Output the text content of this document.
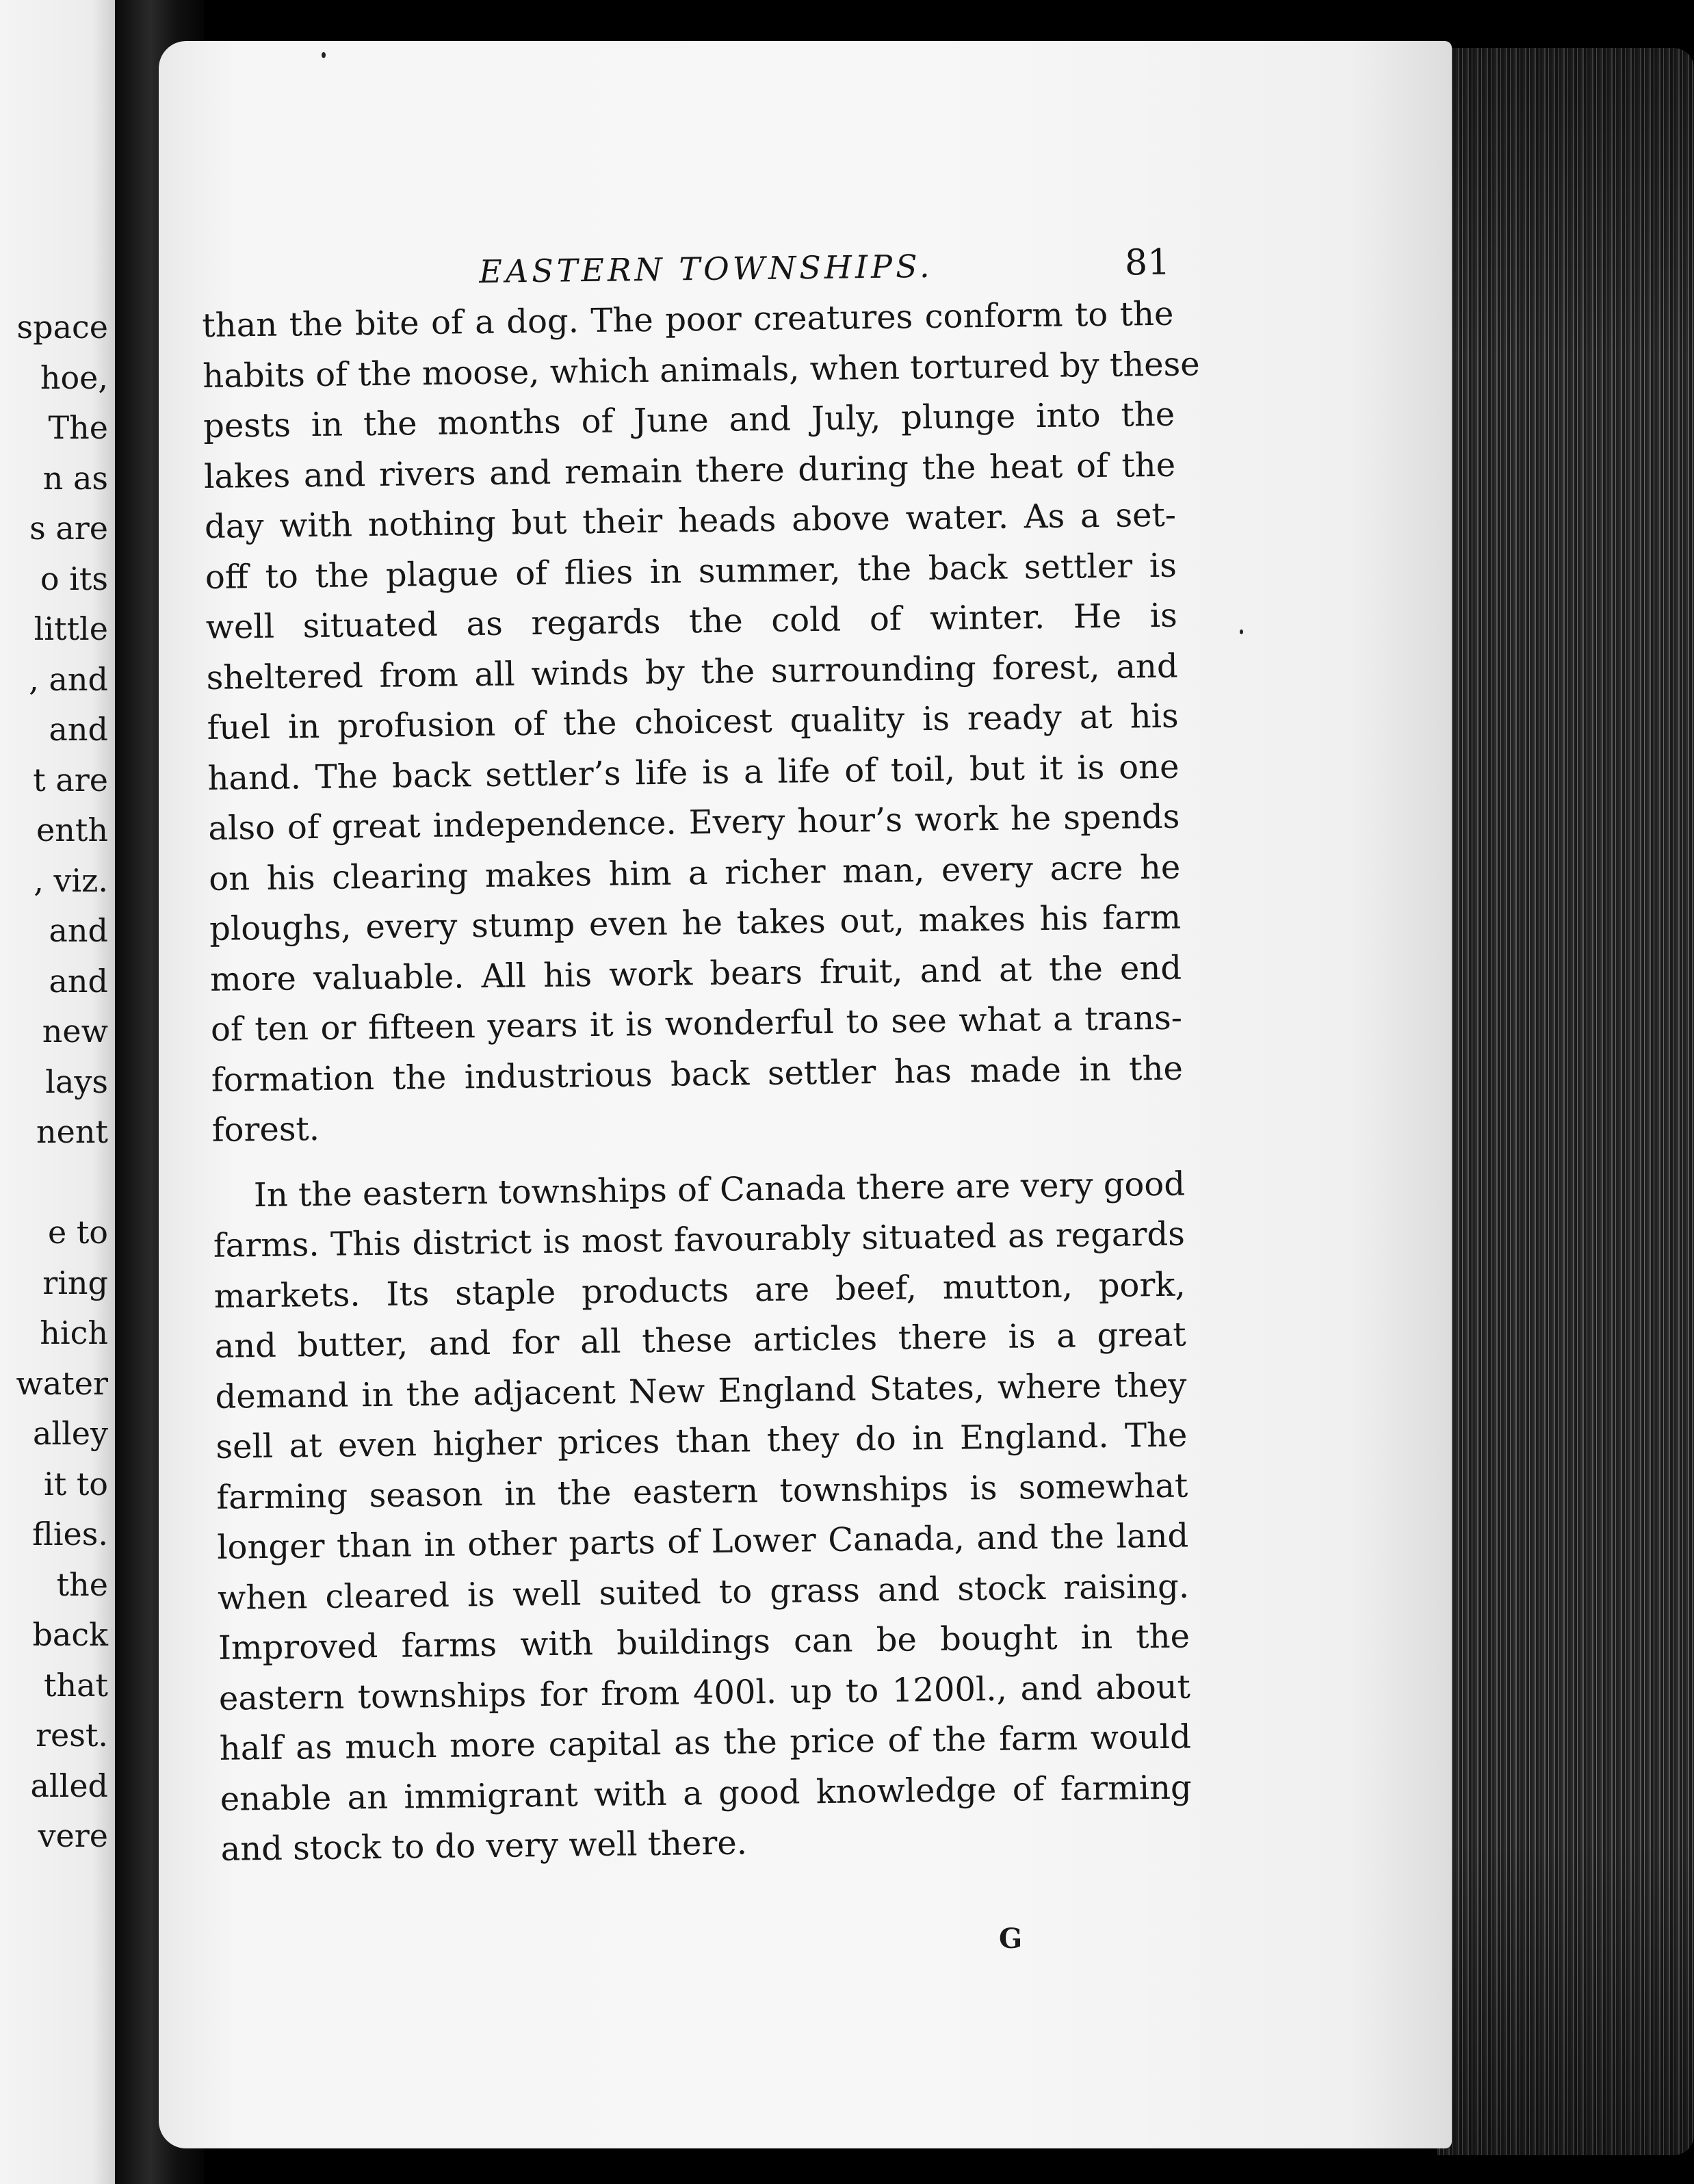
space
hoe,
The
n as
s are
o its
little
, and
and
t are
enth
, viz.
and
and
new
lays
nent
e to
ring
hich
water
alley
it to
flies.
the
back
that
rest.
alled
vere
EASTERN TOWNSHIPS.	81
than the bite of a dog. The poor creatures conform to the
habits of the moose, which animals, when tortured by these
pests in the months of June and July, plunge into the
lakes and rivers and remain there during the heat of the
day with nothing but their heads above water. As a set-
off to the plague of flies in summer, the back settler is
well situated as regards the cold of winter. He is
sheltered from all winds by the surrounding forest, and
fuel in profusion of the choicest quality is ready at his
hand. The back settler’s life is a life of toil, but it is one
also of great independence. Every hour’s work he spends
on his clearing makes him a richer man, every acre he
ploughs, every stump even he takes out, makes his farm
more valuable. All his work bears fruit, and at the end
of ten or fifteen years it is wonderful to see what a trans-
formation the industrious back settler has made in the
forest.
In the eastern townships of Canada there are very good
farms. This district is most favourably situated as regards
markets. Its staple products are beef, mutton, pork,
and butter, and for all these articles there is a great
demand in the adjacent New England States, where they
sell at even higher prices than they do in England. The
farming season in the eastern townships is somewhat
longer than in other parts of Lower Canada, and the land
when cleared is well suited to grass and stock raising.
Improved farms with buildings can be bought in the
eastern townships for from 400l. up to 1200l., and about
half as much more capital as the price of the farm would
enable an immigrant with a good knowledge of farming
and stock to do very well there.
G
